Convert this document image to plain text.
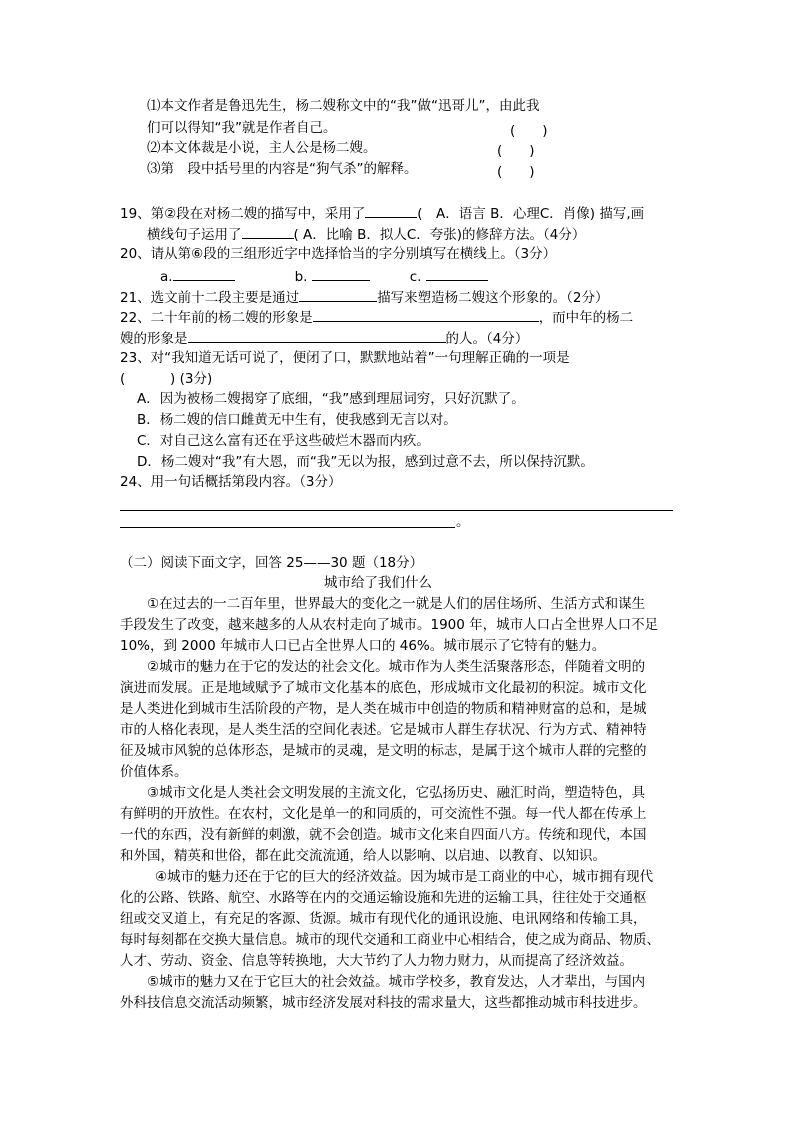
⑴本文作者是鲁迅先生，杨二嫂称文中的“我”做“迅哥儿”，由此我
们可以得知“我”就是作者自己。	(　　)
⑵本文体裁是小说，主人公是杨二嫂。	(　　)
⑶第　段中括号里的内容是“狗气杀”的解释。	(　　)
19、第②段在对杨二嫂的描写中，采用了	(　A．语言 B．心理C．肖像) 描写,画
横线句子运用了	( A．比喻 B．拟人C．夸张)的修辞方法。（4分）
20、请从第⑥段的三组形近字中选择恰当的字分别填写在横线上。（3分）
a.	b.	c.
21、选文前十二段主要是通过	描写来塑造杨二嫂这个形象的。（2分）
22、二十年前的杨二嫂的形象是	，而中年的杨二
嫂的形象是	的人。（4分）
23、对“我知道无话可说了，便闭了口，默默地站着”一句理解正确的一项是
(　　　 ) (3分)
A．因为被杨二嫂揭穿了底细，“我”感到理屈词穷，只好沉默了。
B．杨二嫂的信口雌黄无中生有，使我感到无言以对。
C．对自己这么富有还在乎这些破烂木器而内疚。
D．杨二嫂对“我”有大恩，而“我”无以为报，感到过意不去，所以保持沉默。
24、用一句话概括第段内容。（3分）
。
（二）阅读下面文字，回答 25——30 题（18分）
城市给了我们什么
①在过去的一二百年里，世界最大的变化之一就是人们的居住场所、生活方式和谋生
手段发生了改变，越来越多的人从农村走向了城市。1900 年，城市人口占全世界人口不足
10%，到 2000 年城市人口已占全世界人口的 46%。城市展示了它特有的魅力。
②城市的魅力在于它的发达的社会文化。城市作为人类生活聚落形态，伴随着文明的
演进而发展。正是地域赋予了城市文化基本的底色，形成城市文化最初的积淀。城市文化
是人类进化到城市生活阶段的产物，是人类在城市中创造的物质和精神财富的总和，是城
市的人格化表现，是人类生活的空间化表述。它是城市人群生存状况、行为方式、精神特
征及城市风貌的总体形态，是城市的灵魂，是文明的标志，是属于这个城市人群的完整的
价值体系。
③城市文化是人类社会文明发展的主流文化，它弘扬历史、融汇时尚，塑造特色，具
有鲜明的开放性。在农村，文化是单一的和同质的，可交流性不强。每一代人都在传承上
一代的东西，没有新鲜的刺激，就不会创造。城市文化来自四面八方。传统和现代，本国
和外国，精英和世俗，都在此交流流通，给人以影响、以启迪、以教育、以知识。
④城市的魅力还在于它的巨大的经济效益。因为城市是工商业的中心，城市拥有现代
化的公路、铁路、航空、水路等在内的交通运输设施和先进的运输工具，往往处于交通枢
纽或交叉道上，有充足的客源、货源。城市有现代化的通讯设施、电讯网络和传输工具，
每时每刻都在交换大量信息。城市的现代交通和工商业中心相结合，使之成为商品、物质、
人才、劳动、资金、信息等转换地，大大节约了人力物力财力，从而提高了经济效益。
⑤城市的魅力又在于它巨大的社会效益。城市学校多，教育发达，人才辈出，与国内
外科技信息交流活动频繁，城市经济发展对科技的需求量大，这些都推动城市科技进步。
